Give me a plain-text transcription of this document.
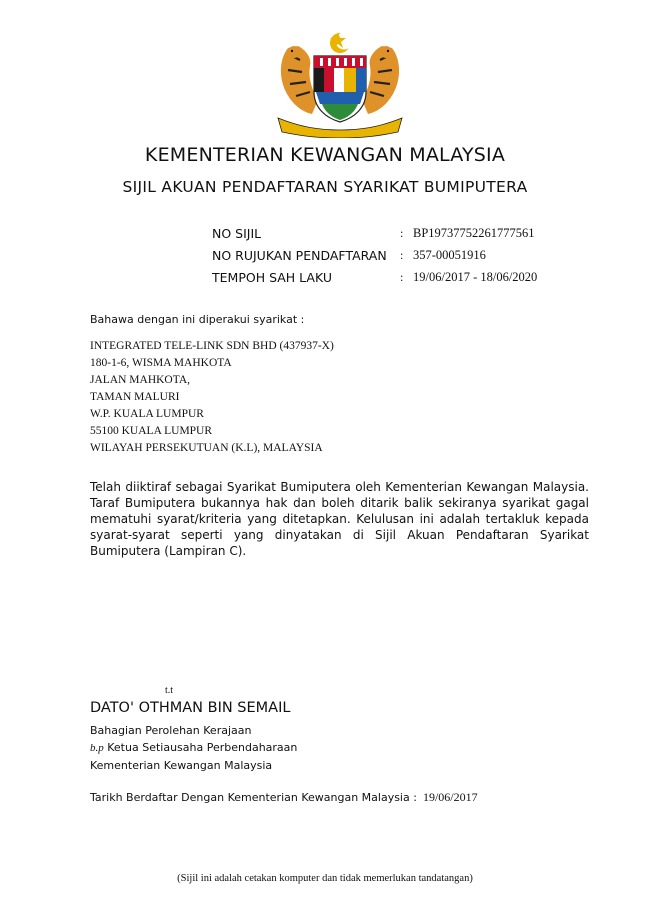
KEMENTERIAN KEWANGAN MALAYSIA
SIJIL AKUAN PENDAFTARAN SYARIKAT BUMIPUTERA
NO SIJIL	: BP19737752261777561
NO RUJUKAN PENDAFTARAN : 357-00051916
TEMPOH SAH LAKU	: 19/06/2017 - 18/06/2020
Bahawa dengan ini diperakui syarikat :
INTEGRATED TELE-LINK SDN BHD (437937-X)
180-1-6, WISMA MAHKOTA
JALAN MAHKOTA,
TAMAN MALURI
W.P. KUALA LUMPUR
55100 KUALA LUMPUR
WILAYAH PERSEKUTUAN (K.L), MALAYSIA
Telah diiktiraf sebagai Syarikat Bumiputera oleh Kementerian Kewangan Malaysia. Taraf Bumiputera bukannya hak dan boleh ditarik balik sekiranya syarikat gagal mematuhi syarat/kriteria yang ditetapkan. Kelulusan ini adalah tertakluk kepada syarat-syarat seperti yang dinyatakan di Sijil Akuan Pendaftaran Syarikat Bumiputera (Lampiran C).
t.t
DATO' OTHMAN BIN SEMAIL
Bahagian Perolehan Kerajaan
b.p Ketua Setiausaha Perbendaharaan
Kementerian Kewangan Malaysia
Tarikh Berdaftar Dengan Kementerian Kewangan Malaysia : 19/06/2017
(Sijil ini adalah cetakan komputer dan tidak memerlukan tandatangan)
